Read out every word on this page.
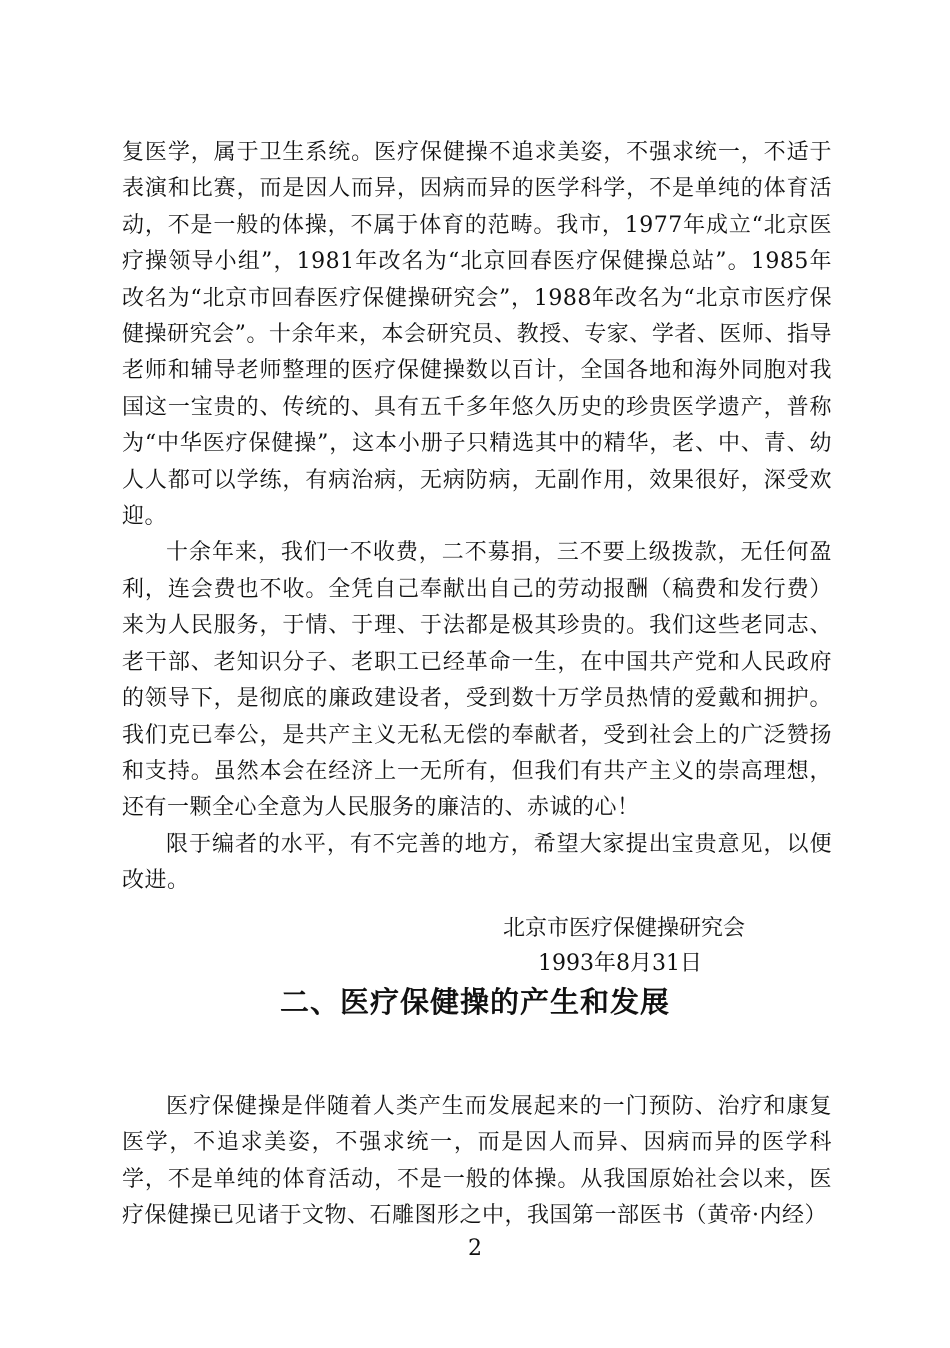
复医学，属于卫生系统。医疗保健操不追求美姿，不强求统一，不适于表演和比赛，而是因人而异，因病而异的医学科学，不是单纯的体育活动，不是一般的体操，不属于体育的范畴。我市，1977年成立“北京医疗操领导小组”，1981年改名为“北京回春医疗保健操总站”。1985年改名为“北京市回春医疗保健操研究会”，1988年改名为“北京市医疗保健操研究会”。十余年来，本会研究员、教授、专家、学者、医师、指导老师和辅导老师整理的医疗保健操数以百计，全国各地和海外同胞对我国这一宝贵的、传统的、具有五千多年悠久历史的珍贵医学遗产，普称为“中华医疗保健操”，这本小册子只精选其中的精华，老、中、青、幼人人都可以学练，有病治病，无病防病，无副作用，效果很好，深受欢迎。

十余年来，我们一不收费，二不募捐，三不要上级拨款，无任何盈利，连会费也不收。全凭自己奉献出自己的劳动报酬（稿费和发行费）来为人民服务，于情、于理、于法都是极其珍贵的。我们这些老同志、老干部、老知识分子、老职工已经革命一生，在中国共产党和人民政府的领导下，是彻底的廉政建设者，受到数十万学员热情的爱戴和拥护。我们克已奉公，是共产主义无私无偿的奉献者，受到社会上的广泛赞扬和支持。虽然本会在经济上一无所有，但我们有共产主义的崇高理想，还有一颗全心全意为人民服务的廉洁的、赤诚的心！

限于编者的水平，有不完善的地方，希望大家提出宝贵意见，以便改进。

北京市医疗保健操研究会
1993年8月31日
二、医疗保健操的产生和发展

医疗保健操是伴随着人类产生而发展起来的一门预防、治疗和康复医学，不追求美姿，不强求统一，而是因人而异、因病而异的医学科学，不是单纯的体育活动，不是一般的体操。从我国原始社会以来，医疗保健操已见诸于文物、石雕图形之中，我国第一部医书（黄帝·内经）

2
